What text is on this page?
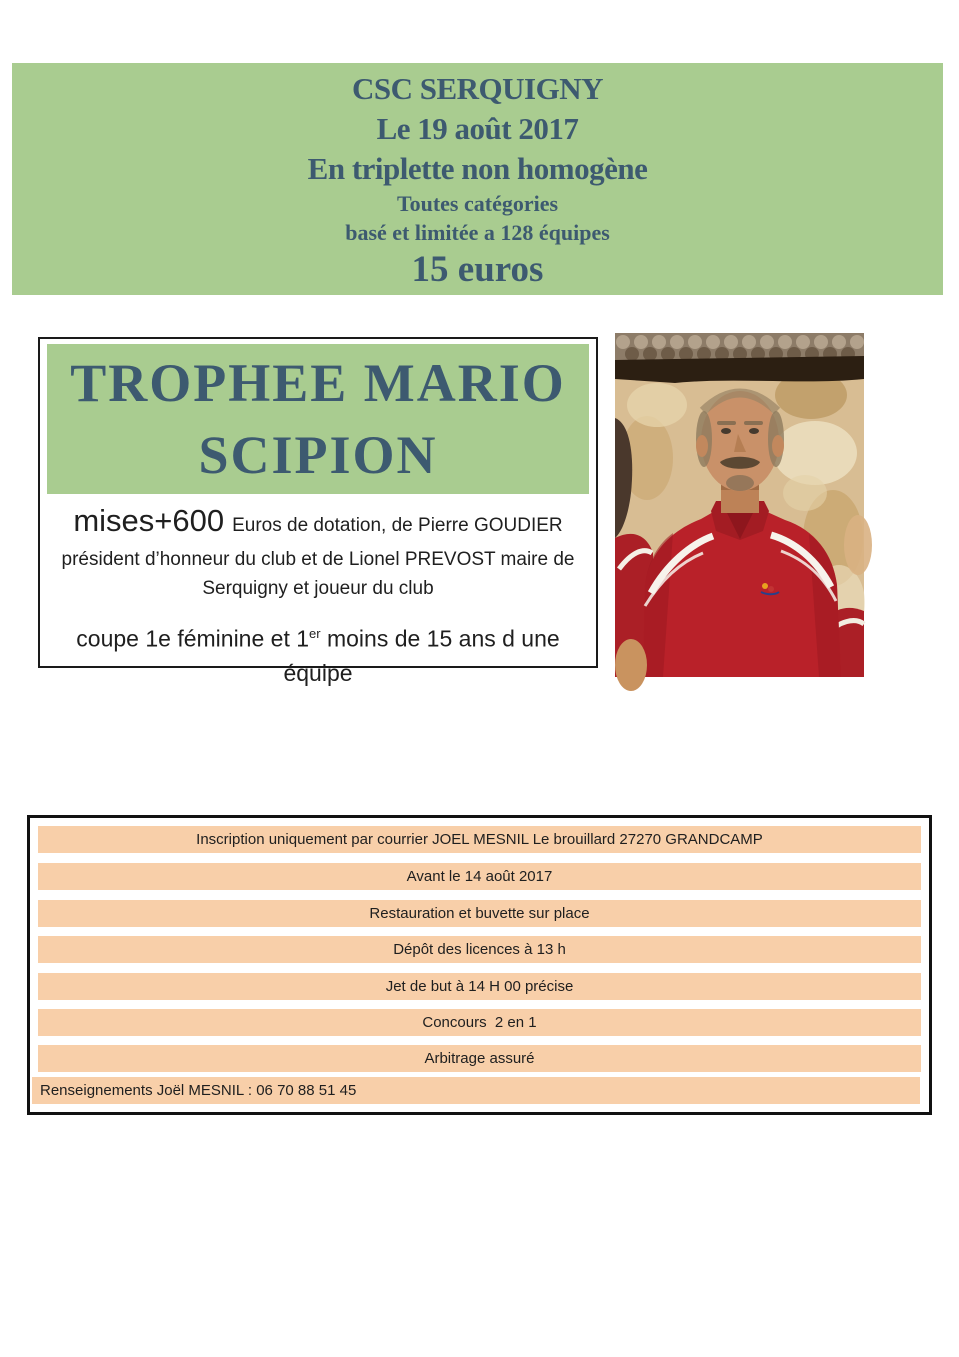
CSC SERQUIGNY
Le 19 août 2017
En triplette non homogène
Toutes catégories
basé et limitée a 128 équipes
15 euros
TROPHEE MARIO
SCIPION
mises+600 Euros de dotation, de Pierre GOUDIER
président d’honneur du club et de Lionel PREVOST maire de
Serquigny et joueur du club
coupe 1e féminine et 1er moins de 15 ans d une
équipe
Inscription uniquement par courrier JOEL MESNIL Le brouillard 27270 GRANDCAMP
Avant le 14 août 2017
Restauration et buvette sur place
Dépôt des licences à 13 h
Jet de but à 14 H 00 précise
Concours  2 en 1
Arbitrage assuré
Renseignements Joël MESNIL : 06 70 88 51 45
